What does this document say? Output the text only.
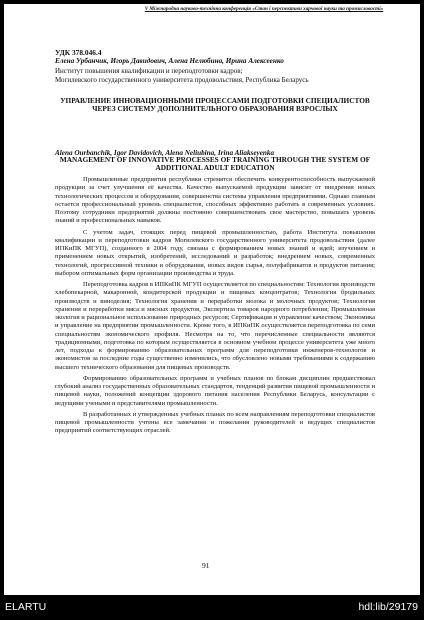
V Міжнародна науково-технічна конференція «Стан і перспективи харчової науки та промисловості»
УДК 378.046.4
Елена Урбанчик, Игорь Давидович, Алена Нелюбина, Ирина Алексеенко
Институт повышения квалификации и переподготовки кадров;
Могилевского государственного университета продовольствия, Республика Беларусь
УПРАВЛЕНИЕ ИННОВАЦИОННЫМИ ПРОЦЕССАМИ ПОДГОТОВКИ СПЕЦИАЛИСТОВ ЧЕРЕЗ СИСТЕМУ ДОПОЛНИТЕЛЬНОГО ОБРАЗОВАНИЯ ВЗРОСЛЫХ
Alena Ourbanchik, Igor Davidovich, Alena Neliubina, Irina Aliakseyenka
MANAGEMENT OF INNOVATIVE PROCESSES OF TRAINING THROUGH THE SYSTEM OF ADDITIONAL ADULT EDUCATION

Промышленные предприятия республики стремятся обеспечить конкурентоспособность выпускаемой продукции за счет улучшения её качества. Качество выпускаемой продукции зависит от внедрения новых технологических процессов и оборудования, совершенства системы управления предприятиями. Однако главным остается профессиональный уровень специалистов, способных эффективно работать в современных условиях. Поэтому сотрудники предприятий должны постоянно совершенствовать свое мастерство, повышать уровень знаний и профессиональных навыков.

С учетом задач, стоящих перед пищевой промышленностью, работа Института повышения квалификации и переподготовки кадров Могилевского государственного университета продовольствия (далее ИПКиПК МГУП), созданного в 2004 году, связана с формированием новых знаний и идей; изучением и применением новых открытий, изобретений, исследований и разработок; внедрением новых, современных технологий, прогрессивной техники и оборудования, новых видов сырья, полуфабрикатов и продуктов питания; выбором оптимальных форм организации производства и труда.

Переподготовка кадров в ИПКиПК МГУП осуществляется по специальностям: Технология производств хлебопекарной, макаронной, кондитерской продукции и пищевых концентратов; Технология бродильных производств и виноделия; Технология хранения и переработки молока и молочных продуктов; Технология хранения и переработки мяса и мясных продуктов, Экспертиза товаров народного потребления; Промышленная экология и рациональное использование природных ресурсов; Сертификация и управление качеством; Экономика и управление на предприятии промышленности. Кроме того, в ИПКиПК осуществляется переподготовка по семи специальностям экономического профиля. Несмотря на то, что перечисленные специальности являются традиционными, подготовка по которым осуществляется в основном учебном процессе университета уже много лет, подходы к формированию образовательных программ для переподготовки инженеров-технологов и экономистов за последние годы существенно изменились, что обусловлено новыми требованиями к содержанию высшего технического образования для пищевых производств.

Формированию образовательных программ и учебных планов по блокам дисциплин предшествовал глубокий анализ государственных образовательных стандартов, тенденций развития пищевой промышленности и пищевой науки, положений концепции здорового питания населения Республики Беларусь, консультации с ведущими учеными и представителями промышленности.

В разработанных и утвержденных учебных планах по всем направлениям переподготовки специалистов пищевой промышленности учтены все замечания и пожелания руководителей и ведущих специалистов предприятий соответствующих отраслей.

91
ELARTU	hdl:lib/29179
